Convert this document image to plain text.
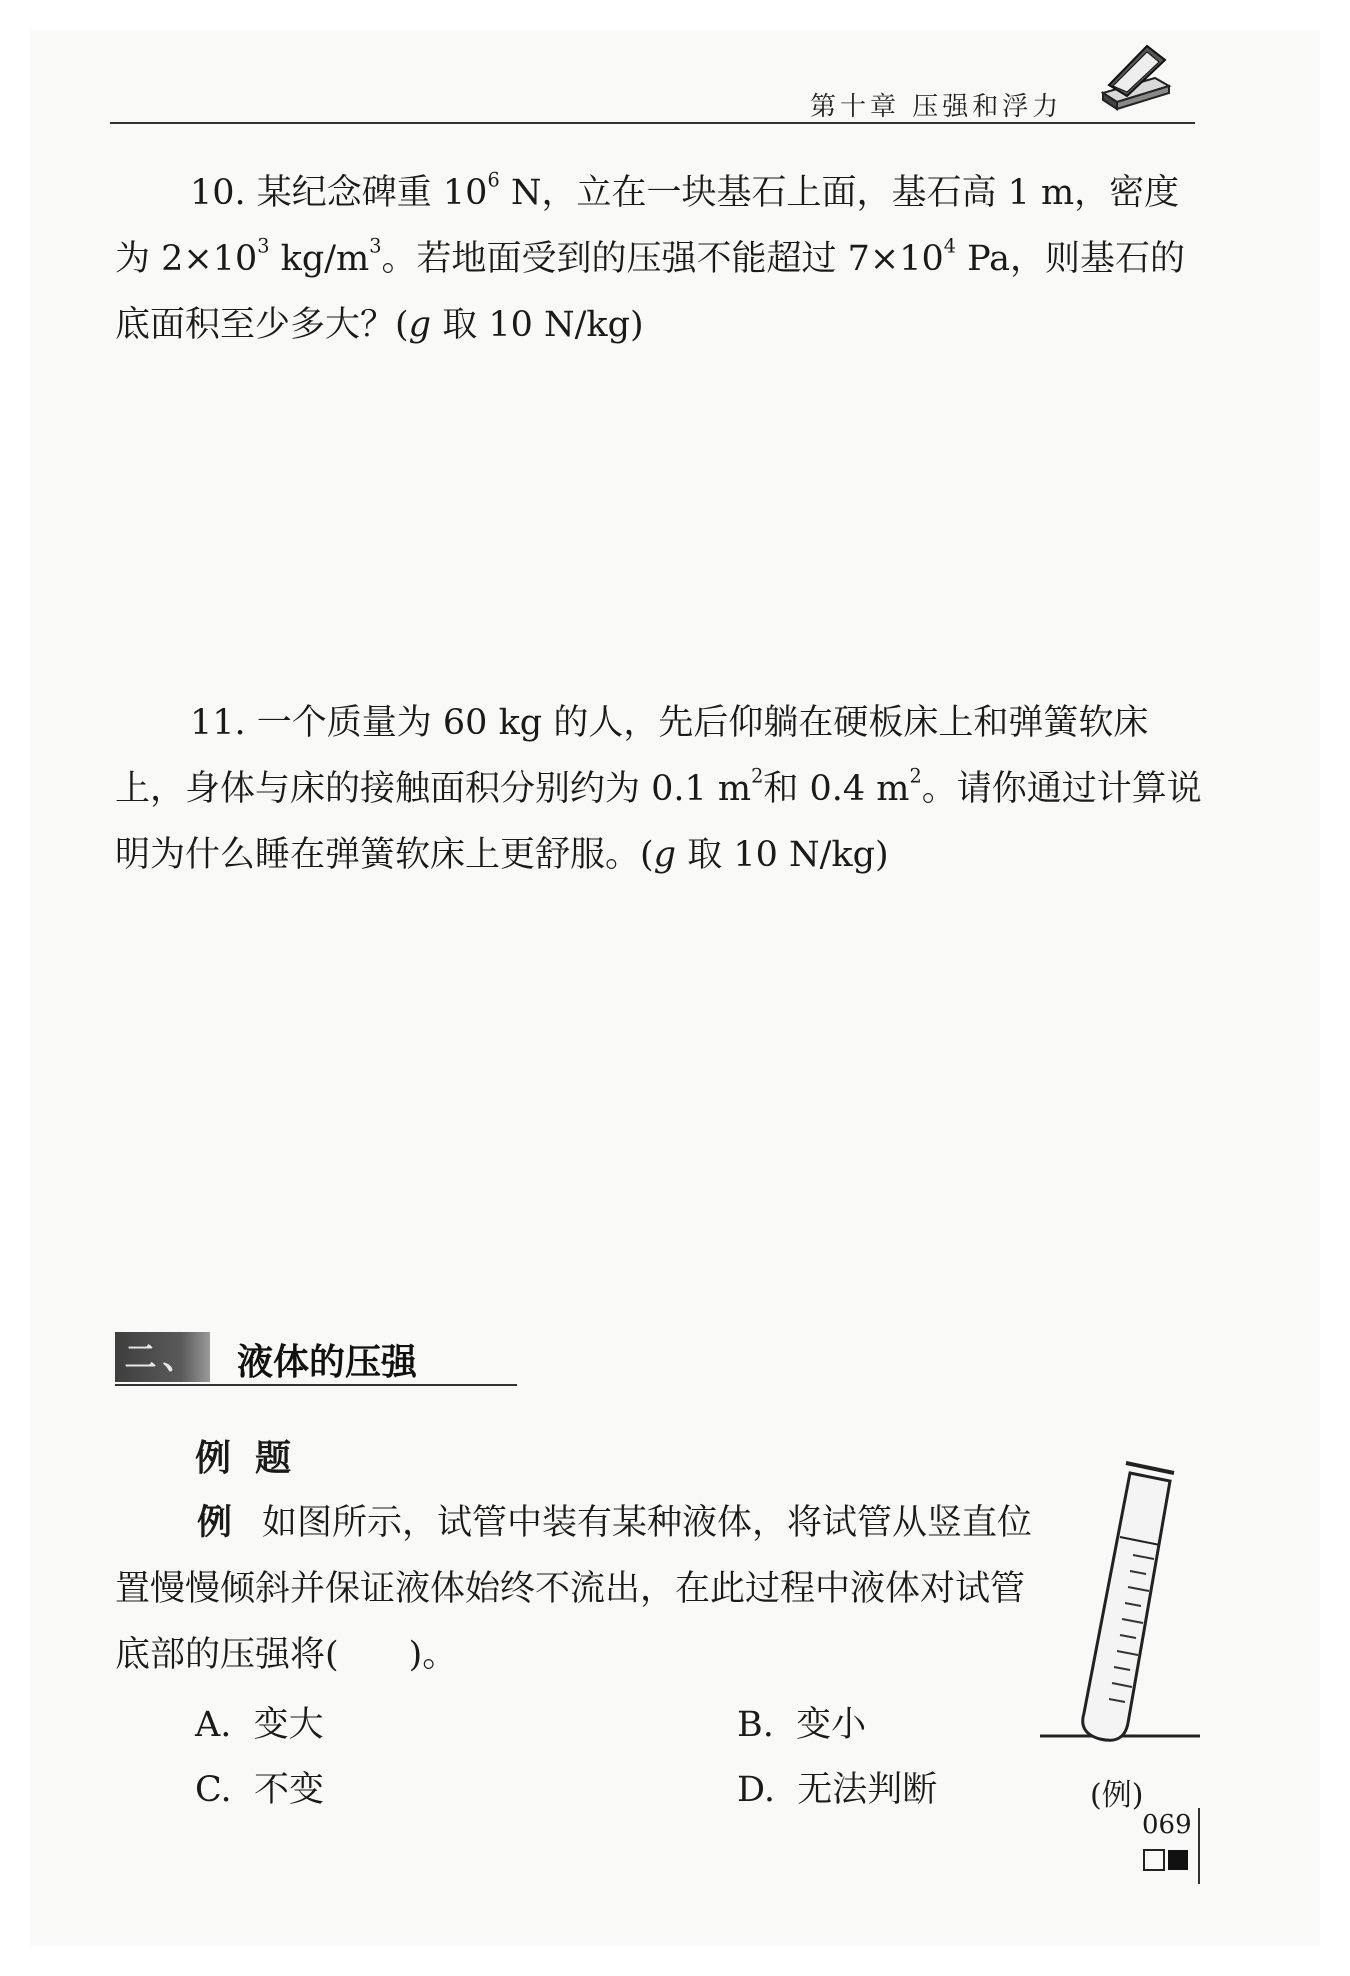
第十章 压强和浮力
10. 某纪念碑重 $10^6$ N，立在一块基石上面，基石高 1 m，密度为 $2\times 10^3$ $kg/m^3$。若地面受到的压强不能超过 $7\times 10^4$ Pa，则基石的底面积至少多大？(g 取 10 N/kg)
11. 一个质量为 60 kg 的人，先后仰躺在硬板床上和弹簧软床上，身体与床的接触面积分别约为 0.1 $m^2$和 0.4 $m^2$。请你通过计算说明为什么睡在弹簧软床上更舒服。(g 取 10 N/kg)
二、 液体的压强
例题
例 如图所示，试管中装有某种液体，将试管从竖直位置慢慢倾斜并保证液体始终不流出，在此过程中液体对试管底部的压强将(　　)。
A. 变大	B. 变小
C. 不变	D. 无法判断	(例)
069
